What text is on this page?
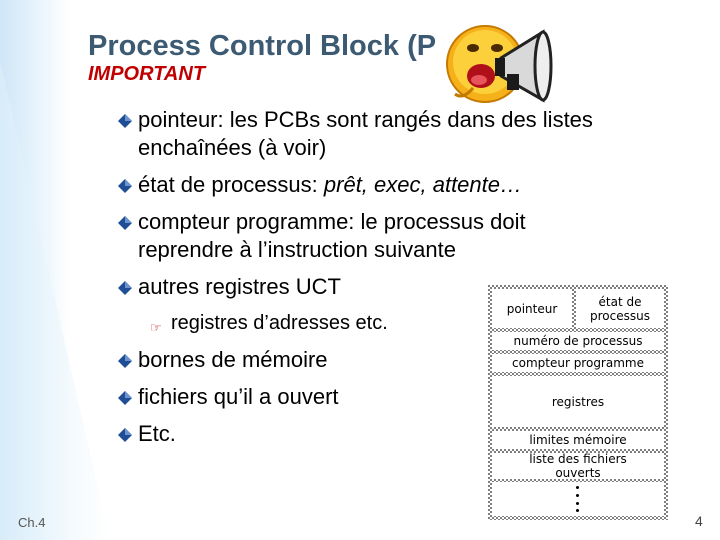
Process Control Block (P
IMPORTANT
pointeur: les PCBs sont rangés dans des listes
enchaînées (à voir)
état de processus: prêt, exec, attente…
compteur programme: le processus doit
reprendre à l’instruction suivante
autres registres UCT
☞ registres d’adresses etc.
bornes de mémoire
fichiers qu’il a ouvert
Etc.
pointeur	état de
processus
numéro de processus
compteur programme
registres
limites mémoire
liste des fichiers
ouverts
Ch.4	4
